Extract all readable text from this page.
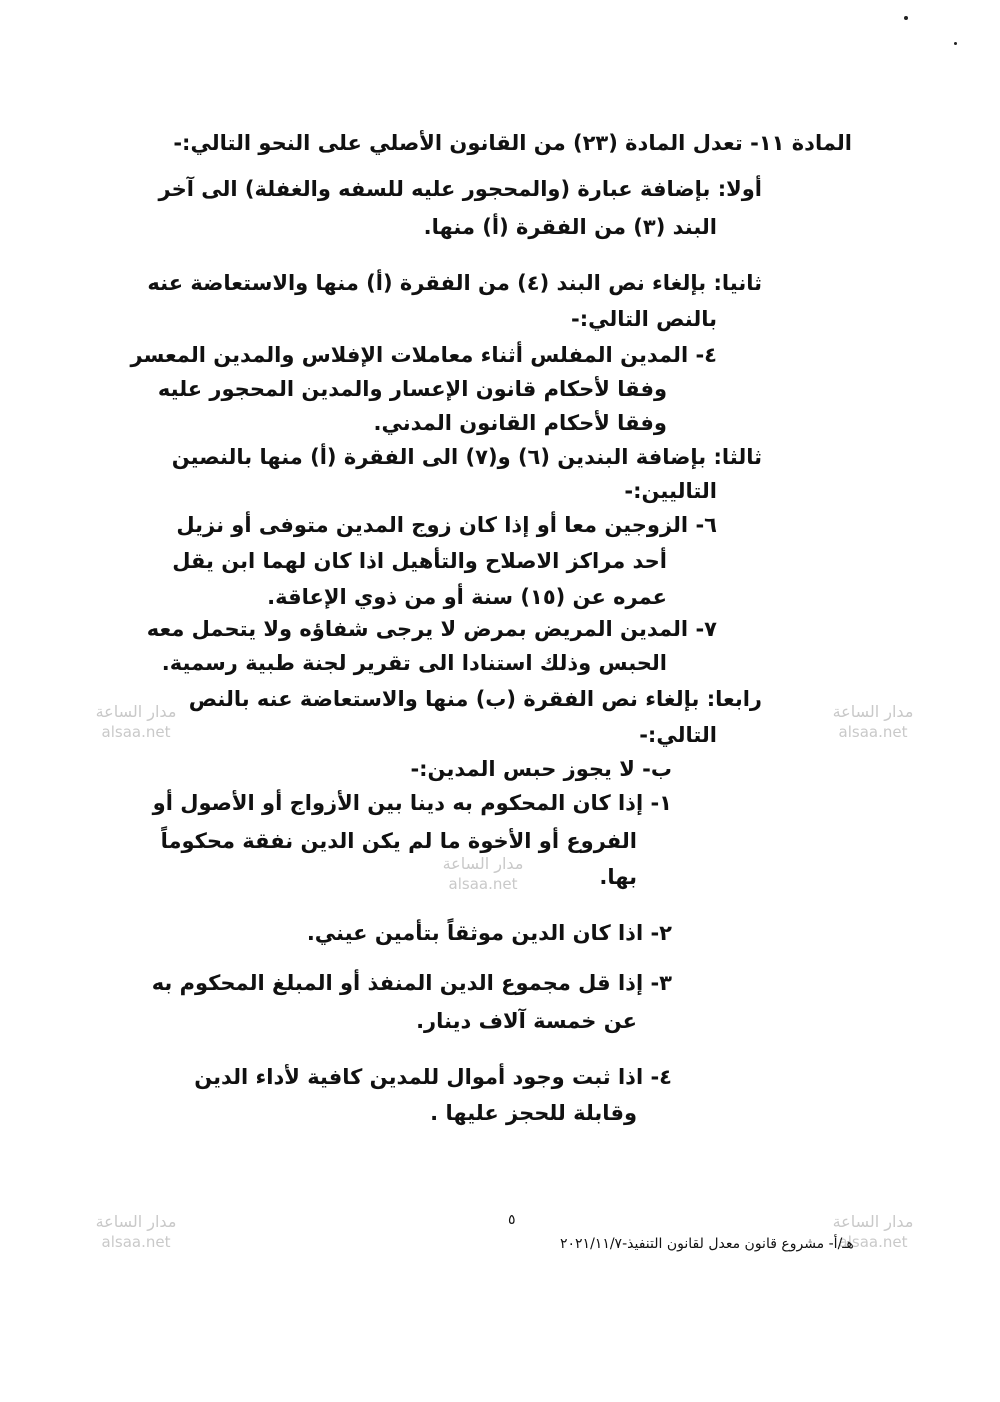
المادة ١١- تعدل المادة (٢٣) من القانون الأصلي على النحو التالي:-
أولا: بإضافة عبارة (والمحجور عليه للسفه والغفلة) الى آخر
البند (٣) من الفقرة (أ) منها.
ثانيا: بإلغاء نص البند (٤) من الفقرة (أ) منها والاستعاضة عنه
بالنص التالي:-
٤- المدين المفلس أثناء معاملات الإفلاس والمدين المعسر
وفقا لأحكام قانون الإعسار والمدين المحجور عليه
وفقا لأحكام القانون المدني.
ثالثا: بإضافة البندين (٦) و(٧) الى الفقرة (أ) منها بالنصين
التاليين:-
٦- الزوجين معا أو إذا كان زوج المدين متوفى أو نزيل
أحد مراكز الاصلاح والتأهيل اذا كان لهما ابن يقل
عمره عن (١٥) سنة أو من ذوي الإعاقة.
٧- المدين المريض بمرض لا يرجى شفاؤه ولا يتحمل معه
الحبس وذلك استنادا الى تقرير لجنة طبية رسمية.
رابعا: بإلغاء نص الفقرة (ب) منها والاستعاضة عنه بالنص
التالي:-
ب- لا يجوز حبس المدين:-
١- إذا كان المحكوم به دينا بين الأزواج أو الأصول أو
الفروع أو الأخوة ما لم يكن الدين نفقة محكوماً
بها.
٢- اذا كان الدين موثقاً بتأمين عيني.
٣- إذا قل مجموع الدين المنفذ أو المبلغ المحكوم به
عن خمسة آلاف دينار.
٤- اذا ثبت وجود أموال للمدين كافية لأداء الدين
وقابلة للحجز عليها .
مدار الساعة
alsaa.net
مدار الساعة
alsaa.net
مدار الساعة
alsaa.net
مدار الساعة
alsaa.net
مدار الساعة
alsaa.net
٥
هـ/أ- مشروع قانون معدل لقانون التنفيذ-٢٠٢١/١١/٧
